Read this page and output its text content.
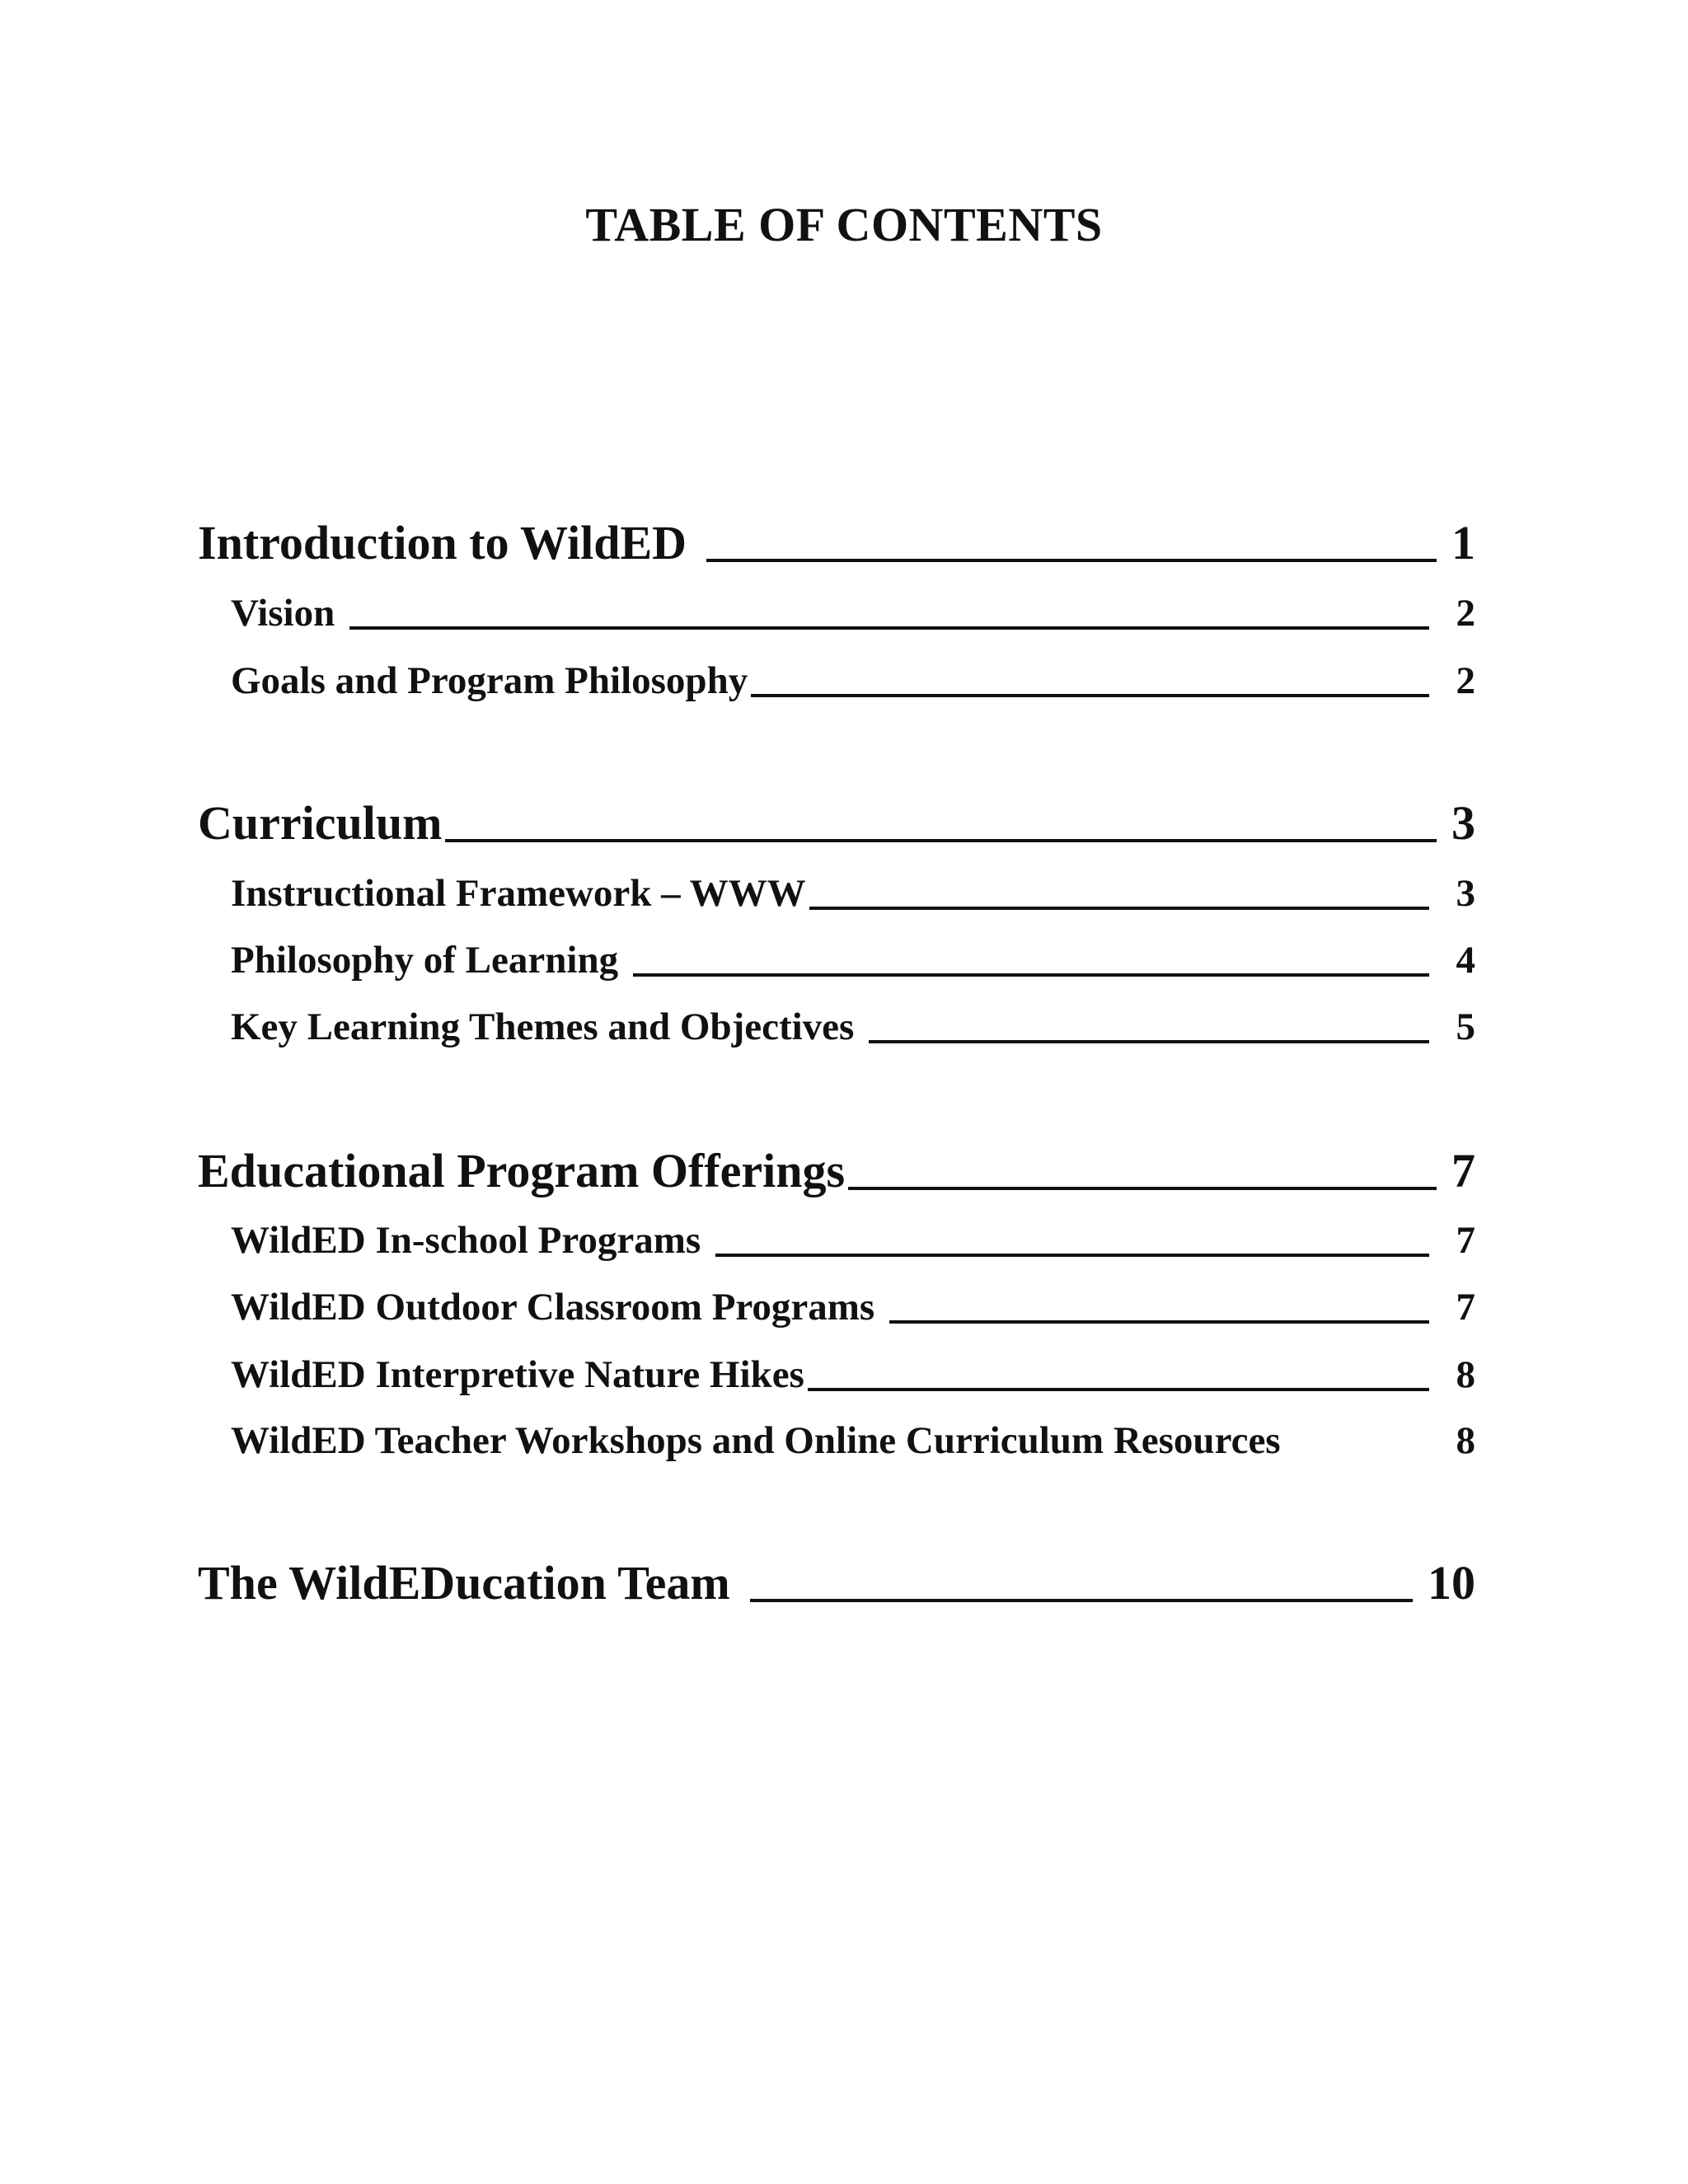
TABLE OF CONTENTS
Introduction to WildED	1
Vision	2
Goals and Program Philosophy	2
Curriculum	3
Instructional Framework – WWW	3
Philosophy of Learning	4
Key Learning Themes and Objectives	5
Educational Program Offerings	7
WildED In-school Programs	7
WildED Outdoor Classroom Programs	7
WildED Interpretive Nature Hikes	8
WildED Teacher Workshops and Online Curriculum Resources	8
The WildEDucation Team	10
